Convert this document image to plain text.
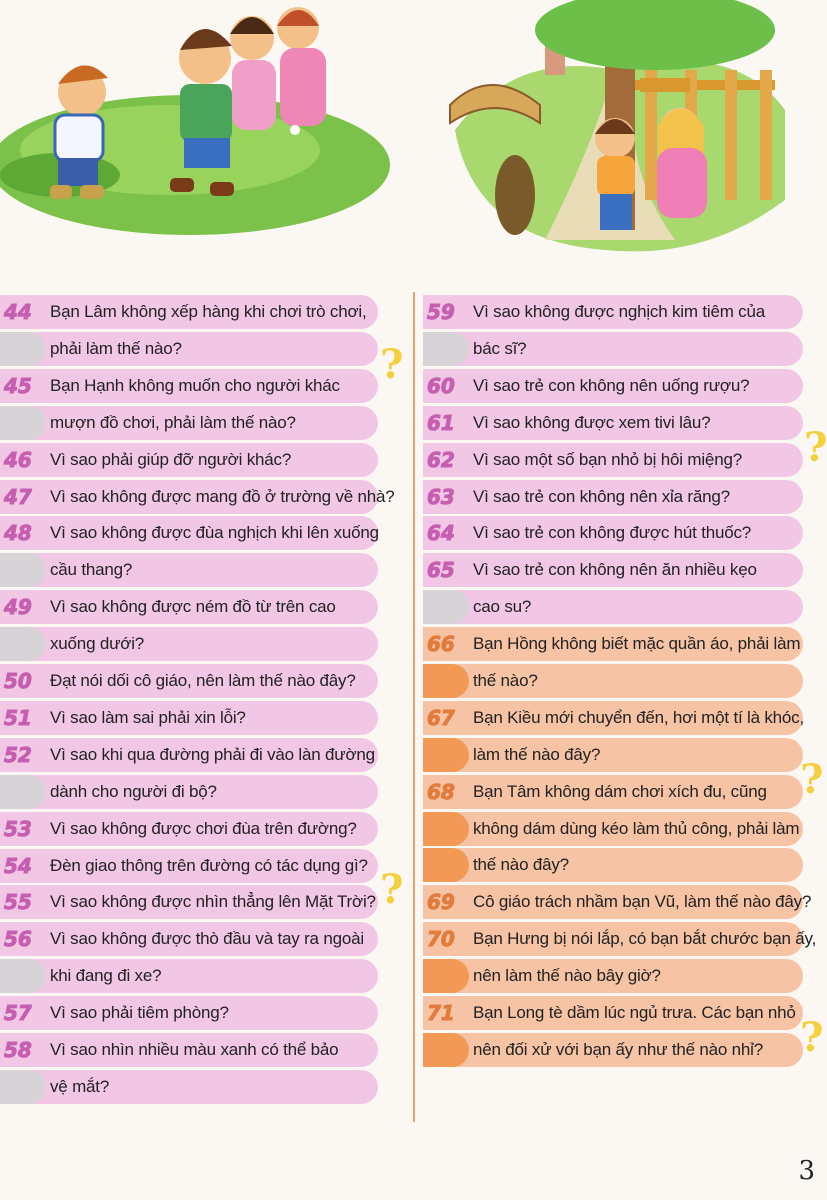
Bạn Lâm không xếp hàng khi chơi trò chơi,
phải làm thế nào?
44
Bạn Hạnh không muốn cho người khác
mượn đồ chơi, phải làm thế nào?
45
Vì sao phải giúp đỡ người khác?
46
Vì sao không được mang đồ ở trường về nhà?
47
Vì sao không được đùa nghịch khi lên xuống
cầu thang?
48
Vì sao không được ném đồ từ trên cao
xuống dưới?
49
Đạt nói dối cô giáo, nên làm thế nào đây?
50
Vì sao làm sai phải xin lỗi?
51
Vì sao khi qua đường phải đi vào làn đường
dành cho người đi bộ?
52
Vì sao không được chơi đùa trên đường?
53
Đèn giao thông trên đường có tác dụng gì?
54
Vì sao không được nhìn thẳng lên Mặt Trời?
55
Vì sao không được thò đầu và tay ra ngoài
khi đang đi xe?
56
Vì sao phải tiêm phòng?
57
Vì sao nhìn nhiều màu xanh có thể bảo
vệ mắt?
58
Vì sao không được nghịch kim tiêm của
bác sĩ?
59
Vì sao trẻ con không nên uống rượu?
60
Vì sao không được xem tivi lâu?
61
Vì sao một số bạn nhỏ bị hôi miệng?
62
Vì sao trẻ con không nên xỉa răng?
63
Vì sao trẻ con không được hút thuốc?
64
Vì sao trẻ con không nên ăn nhiều kẹo
cao su?
65
Bạn Hồng không biết mặc quần áo, phải làm
thế nào?
66
Bạn Kiều mới chuyển đến, hơi một tí là khóc,
làm thế nào đây?
67
Bạn Tâm không dám chơi xích đu, cũng
không dám dùng kéo làm thủ công, phải làm
thế nào đây?
68
Cô giáo trách nhầm bạn Vũ, làm thế nào đây?
69
Bạn Hưng bị nói lắp, có bạn bắt chước bạn ấy,
nên làm thế nào bây giờ?
70
Bạn Long tè dầm lúc ngủ trưa. Các bạn nhỏ
nên đối xử với bạn ấy như thế nào nhỉ?
71
?
?
?
?
?
3
